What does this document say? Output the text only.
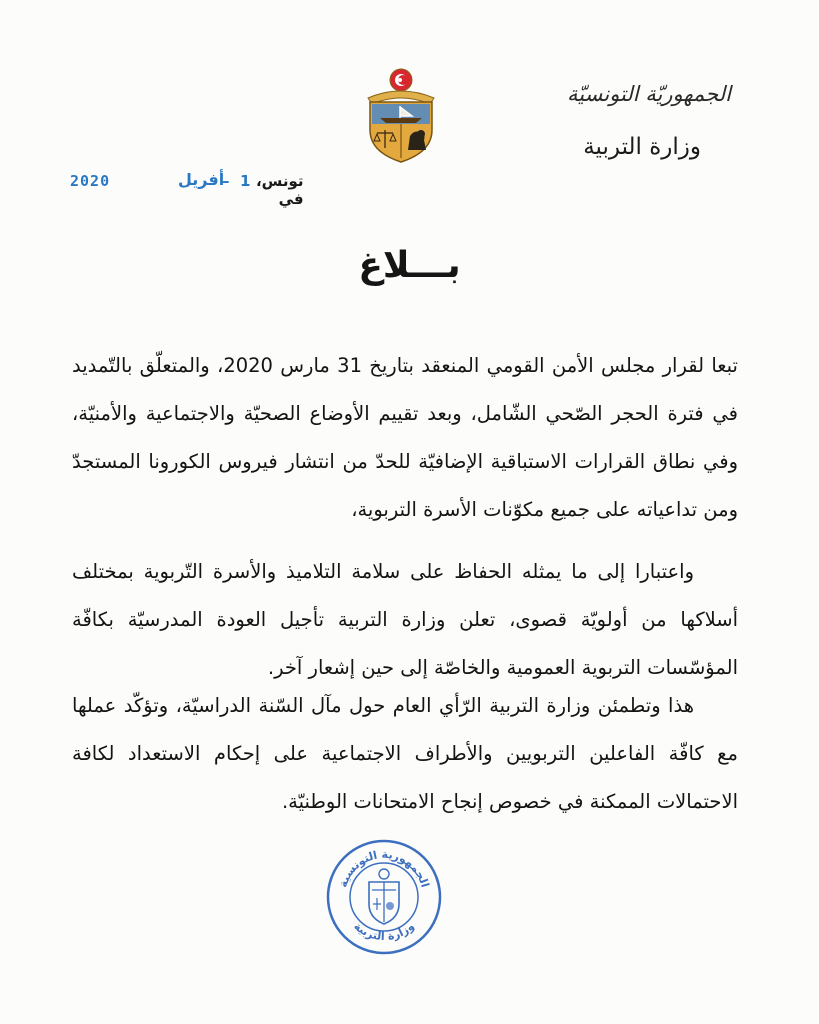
الجمهوريّة التونسيّة
وزارة التربية
2020	أفريل
– 1 تونس، في
بـــلاغ
تبعا لقرار مجلس الأمن القومي المنعقد بتاريخ 31 مارس 2020، والمتعلّق بالتّمديد في فترة الحجر الصّحي الشّامل، وبعد تقييم الأوضاع الصحيّة والاجتماعية والأمنيّة، وفي نطاق القرارات الاستباقية الإضافيّة للحدّ من انتشار فيروس الكورونا المستجدّ ومن تداعياته على جميع مكوّنات الأسرة التربوية،
واعتبارا إلى ما يمثله الحفاظ على سلامة التلاميذ والأسرة التّربوية بمختلف أسلاكها من أولويّة قصوى، تعلن وزارة التربية تأجيل العودة المدرسيّة بكافّة المؤسّسات التربوية العمومية والخاصّة إلى حين إشعار آخر.
هذا وتطمئن وزارة التربية الرّأي العام حول مآل السّنة الدراسيّة، وتؤكّد عملها مع كافّة الفاعلين التربويين والأطراف الاجتماعية على إحكام الاستعداد لكافة الاحتمالات الممكنة في خصوص إنجاح الامتحانات الوطنيّة.
الجمهورية التونسية
وزارة التربية
